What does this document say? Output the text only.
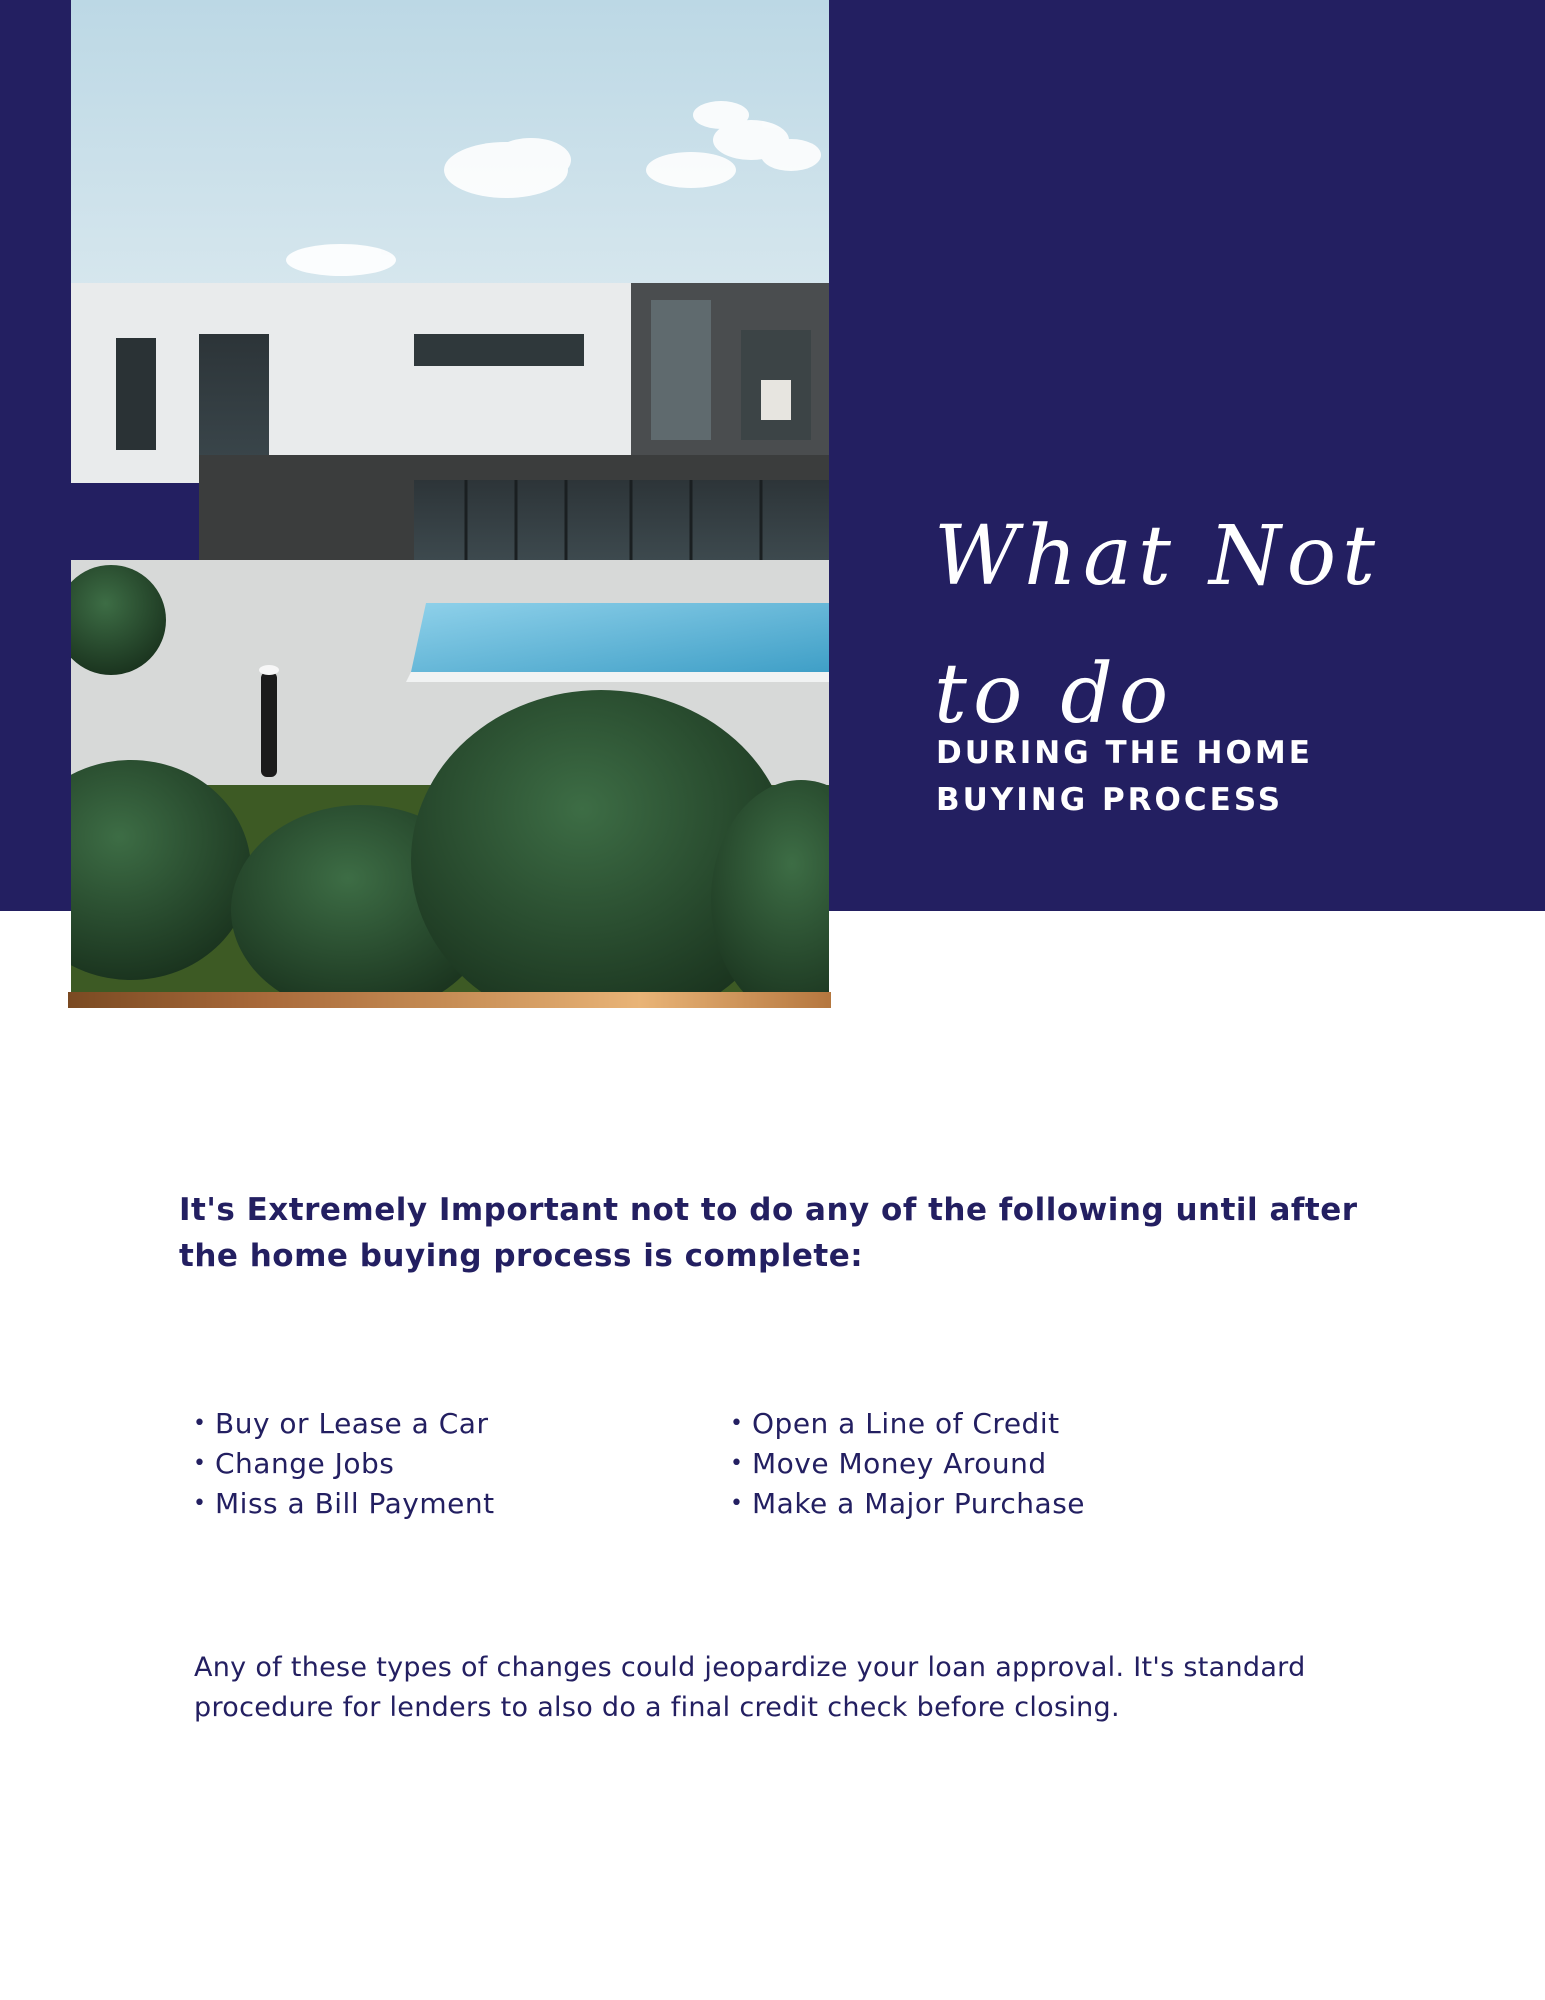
What Not
to do
DURING THE HOME BUYING PROCESS

It's Extremely Important not to do any of the following until after the home buying process is complete:

• Buy or Lease a Car
• Change Jobs
• Miss a Bill Payment
• Open a Line of Credit
• Move Money Around
• Make a Major Purchase

Any of these types of changes could jeopardize your loan approval. It's standard procedure for lenders to also do a final credit check before closing.
